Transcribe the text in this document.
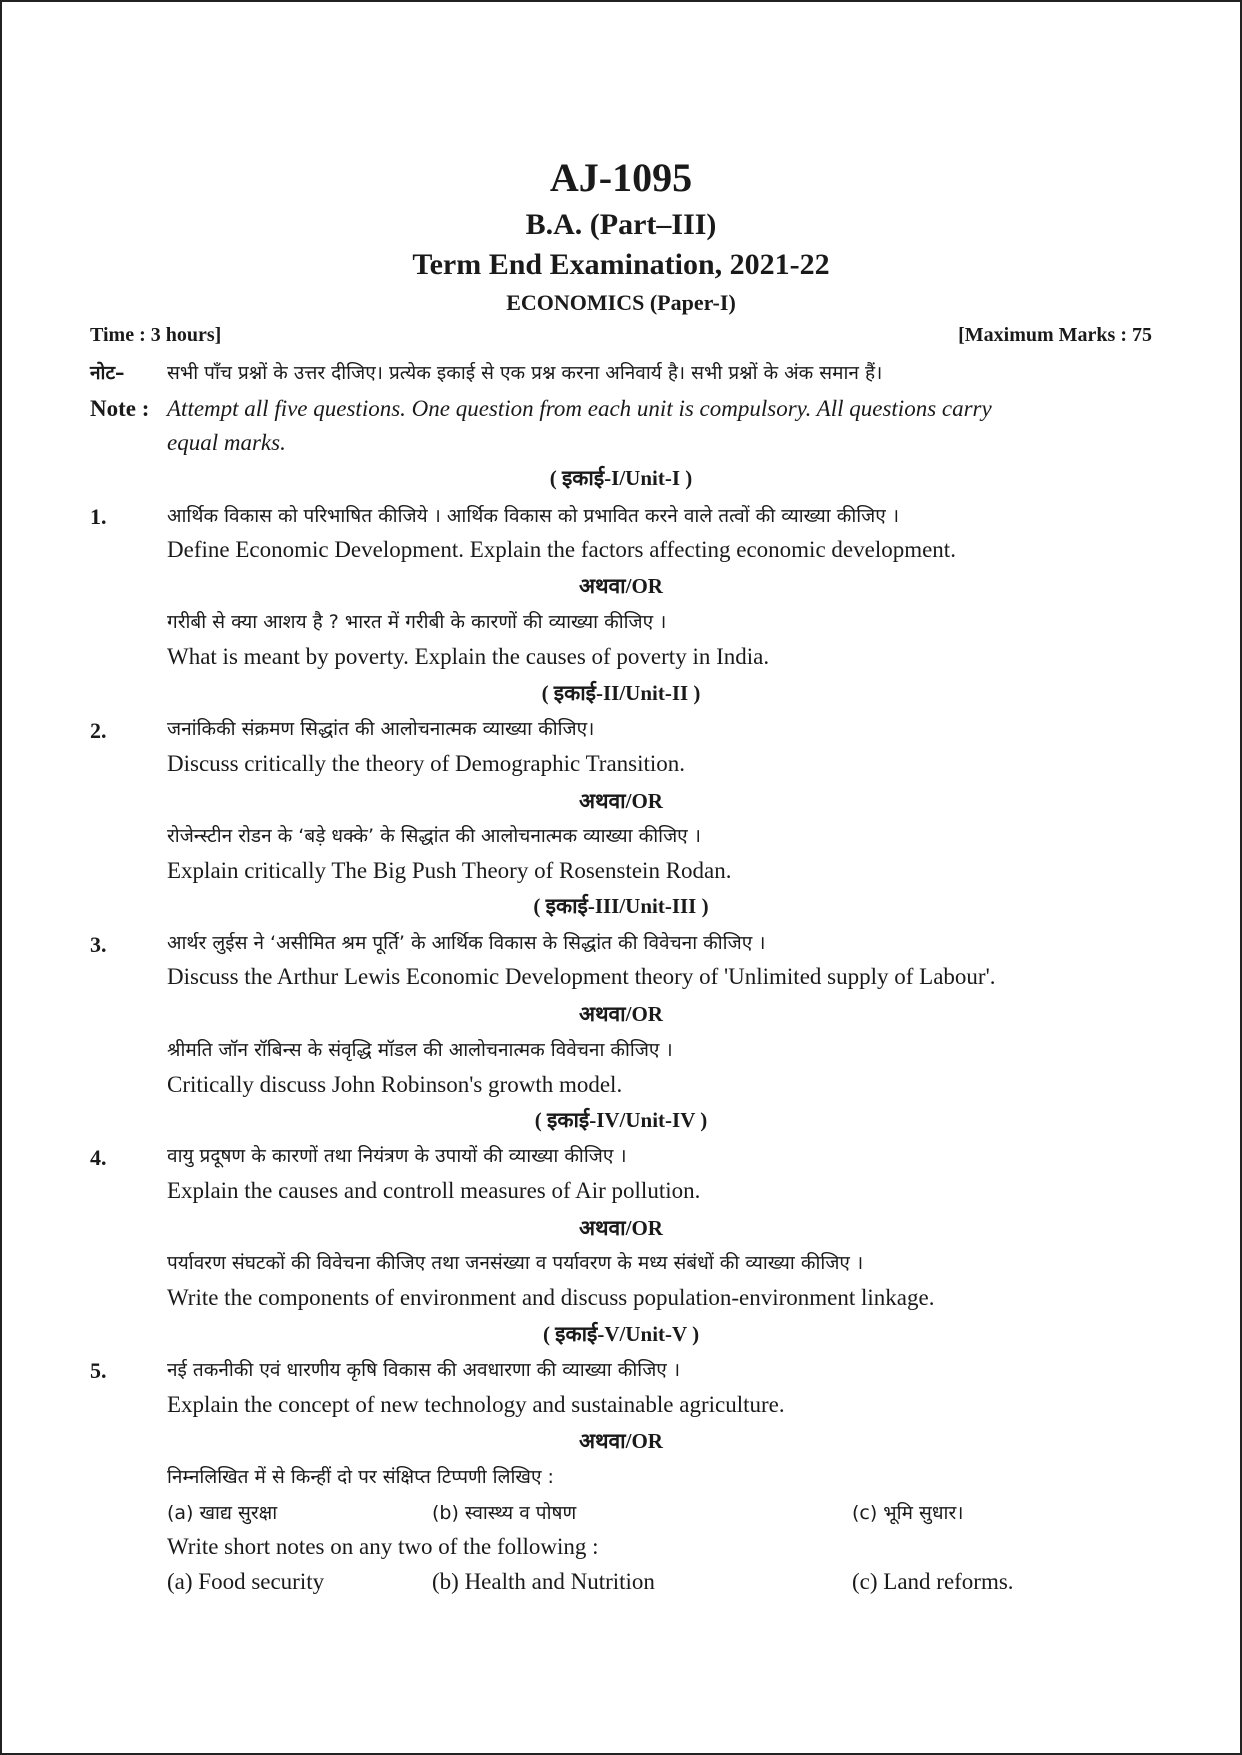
AJ-1095
B.A. (Part–III)
Term End Examination, 2021-22
ECONOMICS (Paper-I)
Time : 3 hours]	[Maximum Marks : 75
नोट– सभी पाँच प्रश्नों के उत्तर दीजिए। प्रत्येक इकाई से एक प्रश्न करना अनिवार्य है। सभी प्रश्नों के अंक समान हैं।
Note : Attempt all five questions. One question from each unit is compulsory. All questions carry
equal marks.
( इकाई-I/Unit-I )
1.	आर्थिक विकास को परिभाषित कीजिये । आर्थिक विकास को प्रभावित करने वाले तत्वों की व्याख्या कीजिए ।
Define Economic Development. Explain the factors affecting economic development.
अथवा/OR
गरीबी से क्या आशय है ? भारत में गरीबी के कारणों की व्याख्या कीजिए ।
What is meant by poverty. Explain the causes of poverty in India.
( इकाई-II/Unit-II )
2.	जनांकिकी संक्रमण सिद्धांत की आलोचनात्मक व्याख्या कीजिए।
Discuss critically the theory of Demographic Transition.
अथवा/OR
रोजेन्स्टीन रोडन के ‘बड़े धक्के’ के सिद्धांत की आलोचनात्मक व्याख्या कीजिए ।
Explain critically The Big Push Theory of Rosenstein Rodan.
( इकाई-III/Unit-III )
3.	आर्थर लुईस ने ‘असीमित श्रम पूर्ति’ के आर्थिक विकास के सिद्धांत की विवेचना कीजिए ।
Discuss the Arthur Lewis Economic Development theory of 'Unlimited supply of Labour'.
अथवा/OR
श्रीमति जॉन रॉबिन्स के संवृद्धि मॉडल की आलोचनात्मक विवेचना कीजिए ।
Critically discuss John Robinson's growth model.
( इकाई-IV/Unit-IV )
4.	वायु प्रदूषण के कारणों तथा नियंत्रण के उपायों की व्याख्या कीजिए ।
Explain the causes and controll measures of Air pollution.
अथवा/OR
पर्यावरण संघटकों की विवेचना कीजिए तथा जनसंख्या व पर्यावरण के मध्य संबंधों की व्याख्या कीजिए ।
Write the components of environment and discuss population-environment linkage.
( इकाई-V/Unit-V )
5.	नई तकनीकी एवं धारणीय कृषि विकास की अवधारणा की व्याख्या कीजिए ।
Explain the concept of new technology and sustainable agriculture.
अथवा/OR
निम्नलिखित में से किन्हीं दो पर संक्षिप्त टिप्पणी लिखिए :
(a) खाद्य सुरक्षा	(b) स्वास्थ्य व पोषण	(c) भूमि सुधार।
Write short notes on any two of the following :
(a) Food security	(b) Health and Nutrition	(c) Land reforms.
